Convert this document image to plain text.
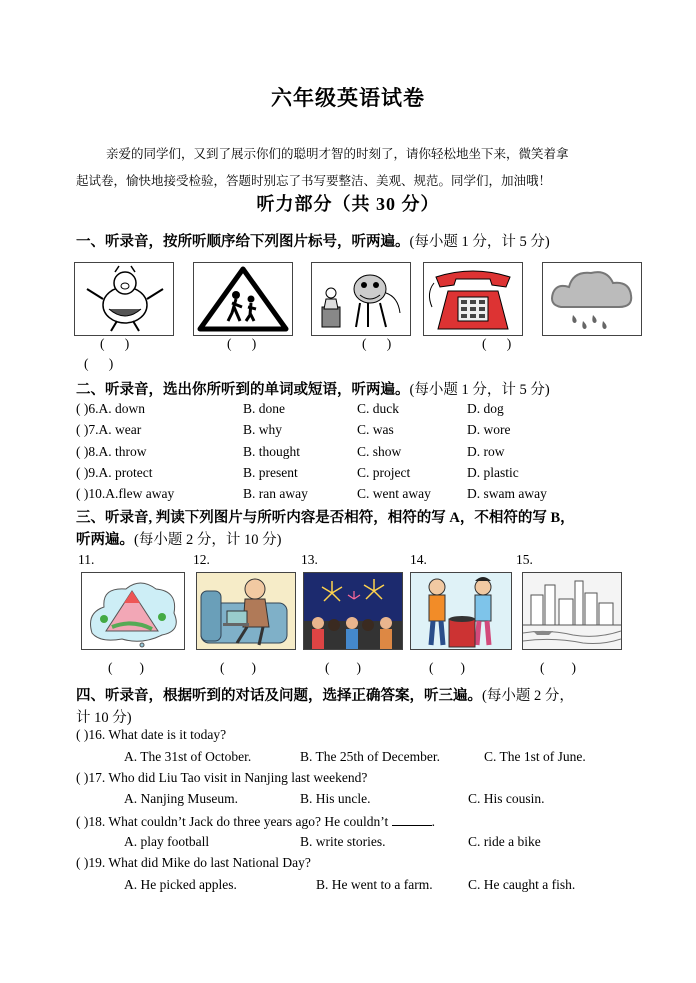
六年级英语试卷
亲爱的同学们，又到了展示你们的聪明才智的时刻了，请你轻松地坐下来，微笑着拿
起试卷，愉快地接受检验，答题时别忘了书写要整洁、美观、规范。同学们，加油哦！
听力部分（共 30 分）
一、听录音，按所听顺序给下列图片标号，听两遍。(每小题 1 分，计 5 分)
(      )	(      )	(      )	(      )
(      )
二、听录音，选出你所听到的单词或短语，听两遍。(每小题 1 分，计 5 分)
( )6.A. down	B. done	C. duck	D. dog
( )7.A. wear	B. why	C. was	D. wore
( )8.A. throw	B. thought	C. show	D. row
( )9.A. protect	B. present	C. project	D. plastic
( )10.A.flew away	B. ran away	C. went away	D. swam away
三、听录音, 判读下列图片与所听内容是否相符，相符的写 A，不相符的写 B，
听两遍。(每小题 2 分，计 10 分)
11.	12.	13.	14.	15.
(        )	(        )	(        )	(        )	(        )
四、听录音，根据听到的对话及问题，选择正确答案，听三遍。(每小题 2 分，
计 10 分)
( )16. What date is it today?
A. The 31st of October.	B. The 25th of December.	C. The 1st of June.
( )17. Who did Liu Tao visit in Nanjing last weekend?
A. Nanjing Museum.	B. His uncle.	C. His cousin.
( )18. What couldn’t Jack do three years ago? He couldn’t	.
A. play football	B. write stories.	C. ride a bike
( )19. What did Mike do last National Day?
A. He picked apples.	B. He went to a farm.	C. He caught a fish.
